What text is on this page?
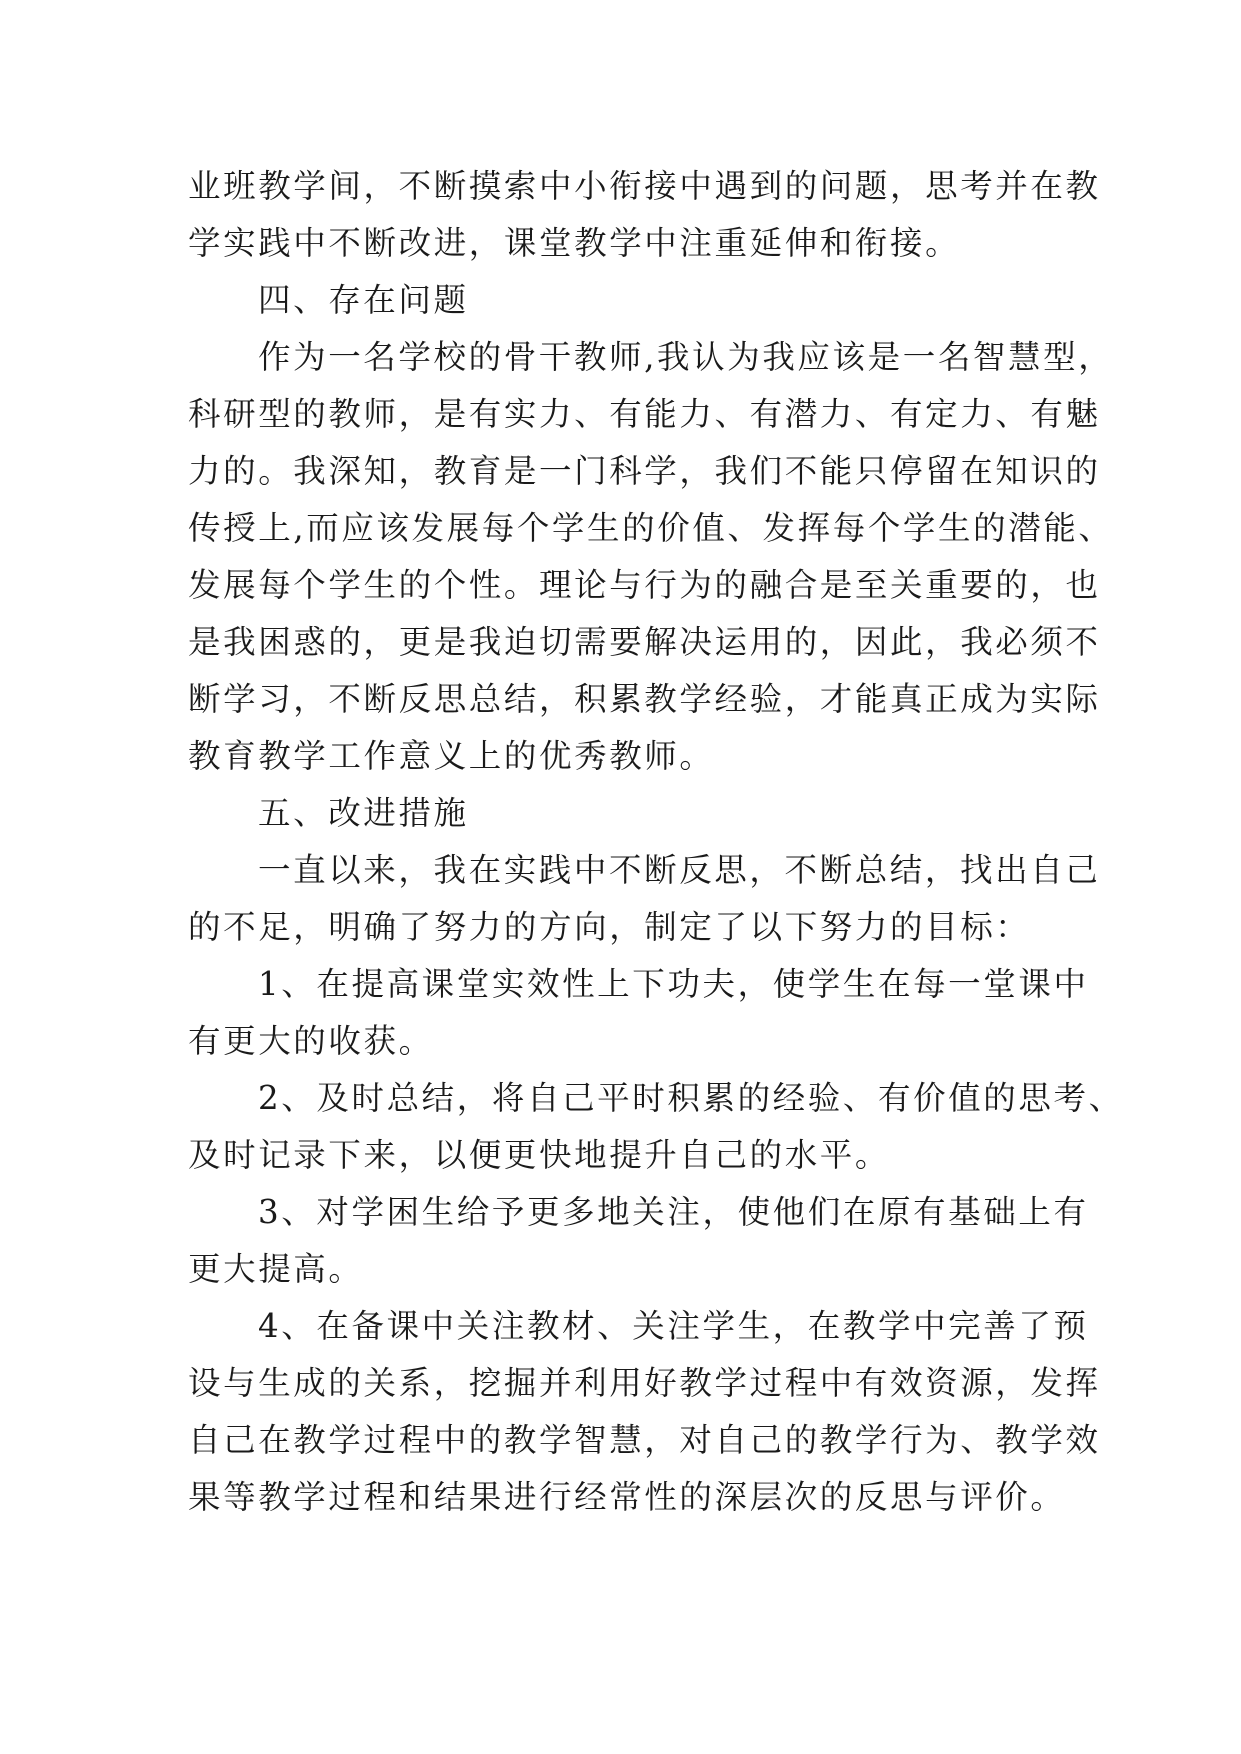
业班教学间，不断摸索中小衔接中遇到的问题，思考并在教
学实践中不断改进，课堂教学中注重延伸和衔接。
四、存在问题
作为一名学校的骨干教师,我认为我应该是一名智慧型，
科研型的教师，是有实力、有能力、有潜力、有定力、有魅
力的。我深知，教育是一门科学，我们不能只停留在知识的
传授上,而应该发展每个学生的价值、发挥每个学生的潜能、
发展每个学生的个性。理论与行为的融合是至关重要的，也
是我困惑的，更是我迫切需要解决运用的，因此，我必须不
断学习，不断反思总结，积累教学经验，才能真正成为实际
教育教学工作意义上的优秀教师。
五、改进措施
一直以来，我在实践中不断反思，不断总结，找出自己
的不足，明确了努力的方向，制定了以下努力的目标：
1、在提高课堂实效性上下功夫，使学生在每一堂课中
有更大的收获。
2、及时总结，将自己平时积累的经验、有价值的思考、
及时记录下来，以便更快地提升自己的水平。
3、对学困生给予更多地关注，使他们在原有基础上有
更大提高。
4、在备课中关注教材、关注学生，在教学中完善了预
设与生成的关系，挖掘并利用好教学过程中有效资源，发挥
自己在教学过程中的教学智慧，对自己的教学行为、教学效
果等教学过程和结果进行经常性的深层次的反思与评价。
